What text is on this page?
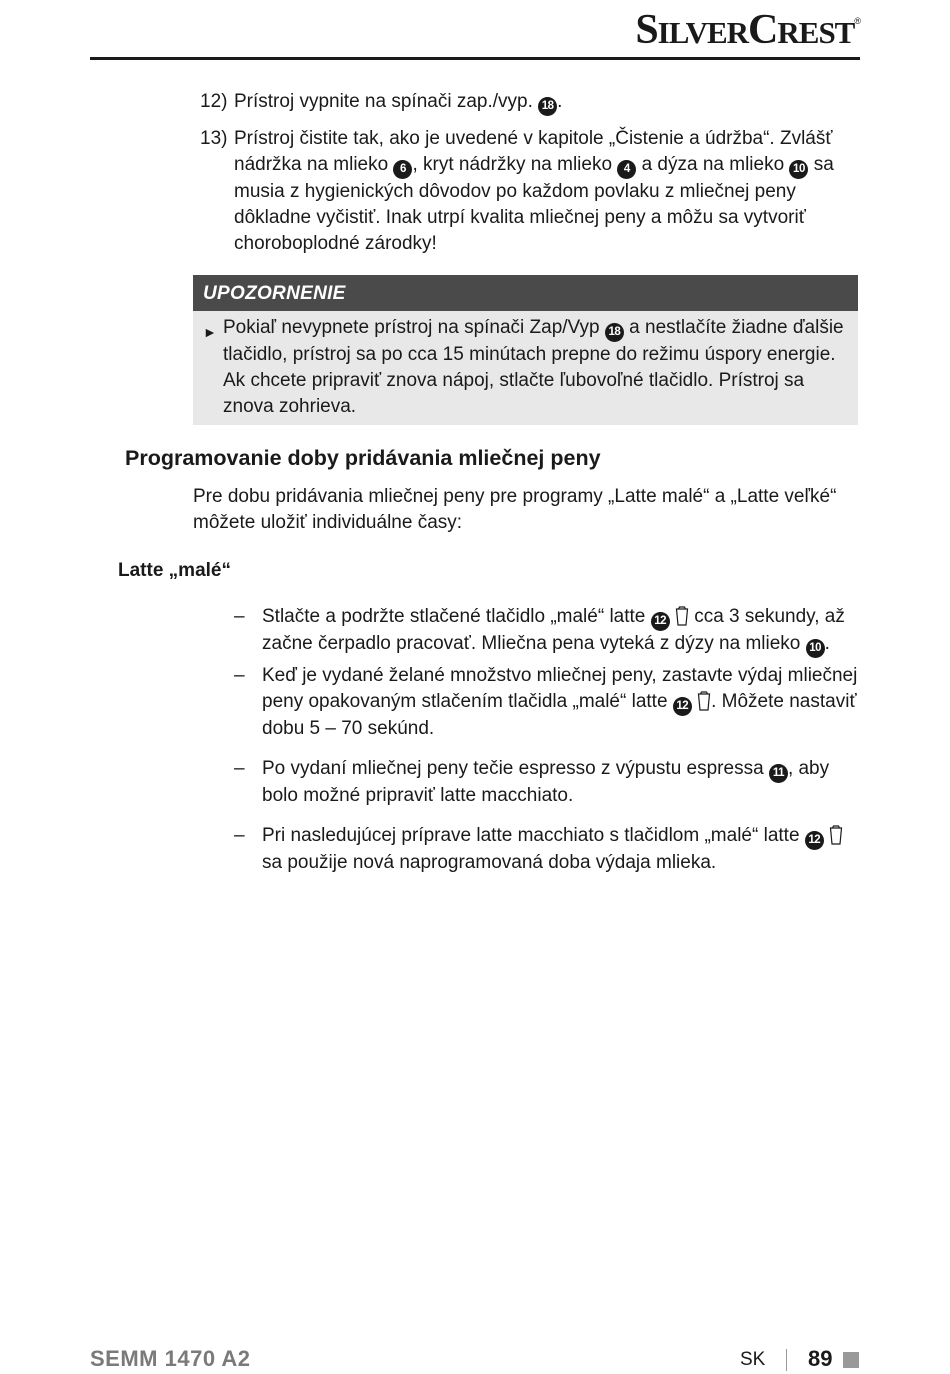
SILVERCREST®
12) Prístroj vypnite na spínači zap./vyp. 18 .
13) Prístroj čistite tak, ako je uvedené v kapitole „Čistenie a údržba“. Zvlášť nádržka na mlieko 6 , kryt nádržky na mlieko 4 a dýza na mlieko 10 sa musia z hygienických dôvodov po každom povlaku z mliečnej peny dôkladne vyčistiť. Inak utrpí kvalita mliečnej peny a môžu sa vytvoriť choroboplodné zárodky!
UPOZORNENIE
► Pokiaľ nevypnete prístroj na spínači Zap/Vyp 18 a nestlačíte žiadne ďalšie tlačidlo, prístroj sa po cca 15 minútach prepne do režimu úspory energie. Ak chcete pripraviť znova nápoj, stlačte ľubovoľné tlačidlo. Prístroj sa znova zohrieva.
Programovanie doby pridávania mliečnej peny
Pre dobu pridávania mliečnej peny pre programy „Latte malé“ a „Latte veľké“ môžete uložiť individuálne časy:
Latte „malé“
– Stlačte a podržte stlačené tlačidlo „malé“ latte 12  cca 3 sekundy, až začne čerpadlo pracovať. Mliečna pena vyteká z dýzy na mlieko 10 .
– Keď je vydané želané množstvo mliečnej peny, zastavte výdaj mliečnej peny opakovaným stlačením tlačidla „malé“ latte 12 . Môžete nastaviť dobu 5 – 70 sekúnd.
– Po vydaní mliečnej peny tečie espresso z výpustu espressa 11 , aby bolo možné pripraviť latte macchiato.
– Pri nasledujúcej príprave latte macchiato s tlačidlom „malé“ latte 12  sa použije nová naprogramovaná doba výdaja mlieka.
SEMM 1470 A2	SK 89
